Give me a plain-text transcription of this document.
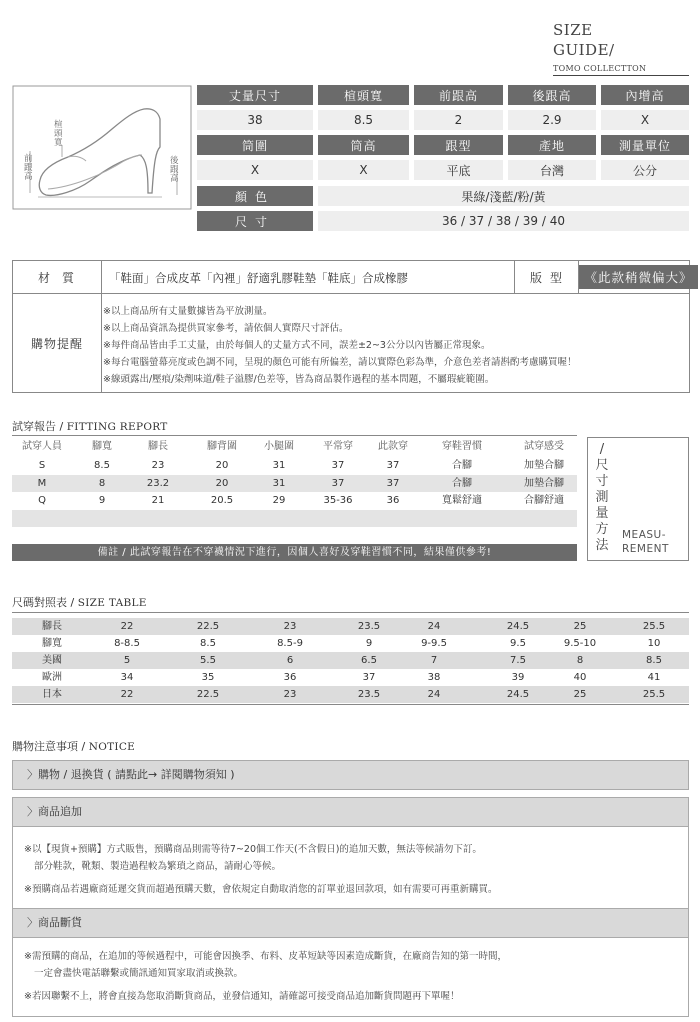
SIZE
GUIDE/
TOMO COLLECTTON
楦頭寬
前跟高
後跟高
丈量尺寸	楦頭寬	前跟高	後跟高	內增高
38	8.5	2	2.9	X
筒圍	筒高	跟型	產地	測量單位
X	X	平底	台灣	公分
顏色	果綠/淺藍/粉/黃
尺寸	36 / 37 / 38 / 39 / 40
材質	「鞋面」合成皮革「內裡」舒適乳膠鞋墊「鞋底」合成橡膠	版型	《此款稍微偏大》
購物提醒
※以上商品所有丈量數據皆為平放測量。
※以上商品資訊為提供買家參考，請依個人實際尺寸評估。
※每件商品皆由手工丈量，由於每個人的丈量方式不同，誤差±2~3公分以內皆屬正常現象。
※每台電腦螢幕亮度或色調不同，呈現的顏色可能有所偏差，請以實際色彩為準，介意色差者請斟酌考慮購買喔！
※線頭露出/壓痕/染劑味道/鞋子溢膠/色差等，皆為商品製作過程的基本問題，不屬瑕疵範圍。
試穿報告 / FITTING REPORT
試穿人員	腳寬	腳長	腳背圍	小腿圍	平常穿	此款穿	穿鞋習慣	試穿感受
S	8.5	23	20	31	37	37	合腳	加墊合腳
M	8	23.2	20	31	37	37	合腳	加墊合腳
Q	9	21	20.5	29	35-36	36	寬鬆舒適	合腳舒適
備註 / 此試穿報告在不穿襪情況下進行，因個人喜好及穿鞋習慣不同，結果僅供參考!
/
尺
寸
測
量
方
法
MEASU-
REMENT
尺碼對照表 / SIZE TABLE
腳長	22	22.5	23	23.5	24	24.5	25	25.5
腳寬	8-8.5	8.5	8.5-9	9	9-9.5	9.5	9.5-10	10
美國	5	5.5	6	6.5	7	7.5	8	8.5
歐洲	34	35	36	37	38	39	40	41
日本	22	22.5	23	23.5	24	24.5	25	25.5
購物注意事項 / NOTICE
〉購物 / 退換貨 ( 請點此→ 詳閱購物須知 )
〉商品追加
※以【現貨+預購】方式販售，預購商品則需等待7~20個工作天(不含假日)的追加天數，無法等候請勿下訂。
部分鞋款，靴類、製造過程較為繁瑣之商品，請耐心等候。
※預購商品若遇廠商延遲交貨而超過預購天數，會依規定自動取消您的訂單並退回款項，如有需要可再重新購買。
〉商品斷貨
※需預購的商品，在追加的等候過程中，可能會因換季、布料、皮革短缺等因素造成斷貨，在廠商告知的第一時間，
一定會盡快電話聯繫或簡訊通知買家取消或換款。
※若因聯繫不上，將會直接為您取消斷貨商品，並發信通知，請確認可接受商品追加斷貨問題再下單喔！
